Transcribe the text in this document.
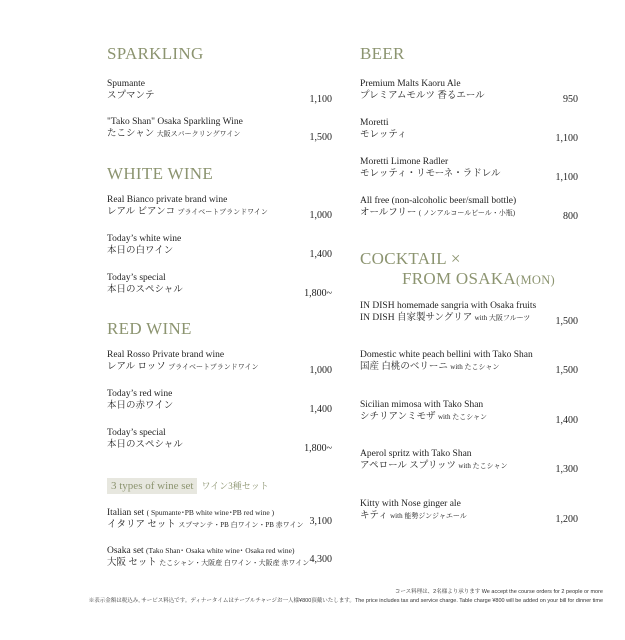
SPARKLING
Spumante
スプマンテ	1,100
"Tako Shan" Osaka Sparkling Wine
たこシャン 大阪スパークリングワイン	1,500
WHITE WINE
Real Bianco private brand wine
レアル ビアンコ プライベートブランドワイン	1,000
Today’s white wine
本日の白ワイン	1,400
Today’s special
本日のスペシャル	1,800~
RED WINE
Real Rosso Private brand wine
レアル ロッソ プライベートブランドワイン	1,000
Today’s red wine
本日の赤ワイン	1,400
Today’s special
本日のスペシャル	1,800~
3 types of wine set ワイン3種セット
Italian set ( Spumante･PB white wine･PB red wine )
イタリア セット スプマンテ・PB 白ワイン・PB 赤ワイン 3,100
Osaka set (Tako Shan･ Osaka white wine･ Osaka red wine)
大阪 セット たこシャン・大阪産 白ワイン・大阪産 赤ワイン 4,300
BEER
Premium Malts Kaoru Ale
プレミアムモルツ 香るエール	950
Moretti
モレッティ	1,100
Moretti Limone Radler
モレッティ・リモーネ・ラドレル	1,100
All free (non-alcoholic beer/small bottle)
オールフリー ( ノンアルコールビール・小瓶)	800
COCKTAIL ×
FROM OSAKA(MON)
IN DISH homemade sangria with Osaka fruits
IN DISH 自家製サングリア with 大阪フルーツ	1,500
Domestic white peach bellini with Tako Shan
国産 白桃のベリーニ with たこシャン	1,500
Sicilian mimosa with Tako Shan
シチリアンミモザ with たこシャン	1,400
Aperol spritz with Tako Shan
アペロール スプリッツ with たこシャン	1,300
Kitty with Nose ginger ale
キティ with 能勢ジンジャエール	1,200
コース料理は、2名様より承ります We accept the course orders for 2 people or more
※表示金額は税込み, サービス料込です。ディナータイムはテーブルチャージお一人様¥800頂戴いたします。The price includes tax and service charge. Table charge ¥800 will be added on your bill for dinner time
